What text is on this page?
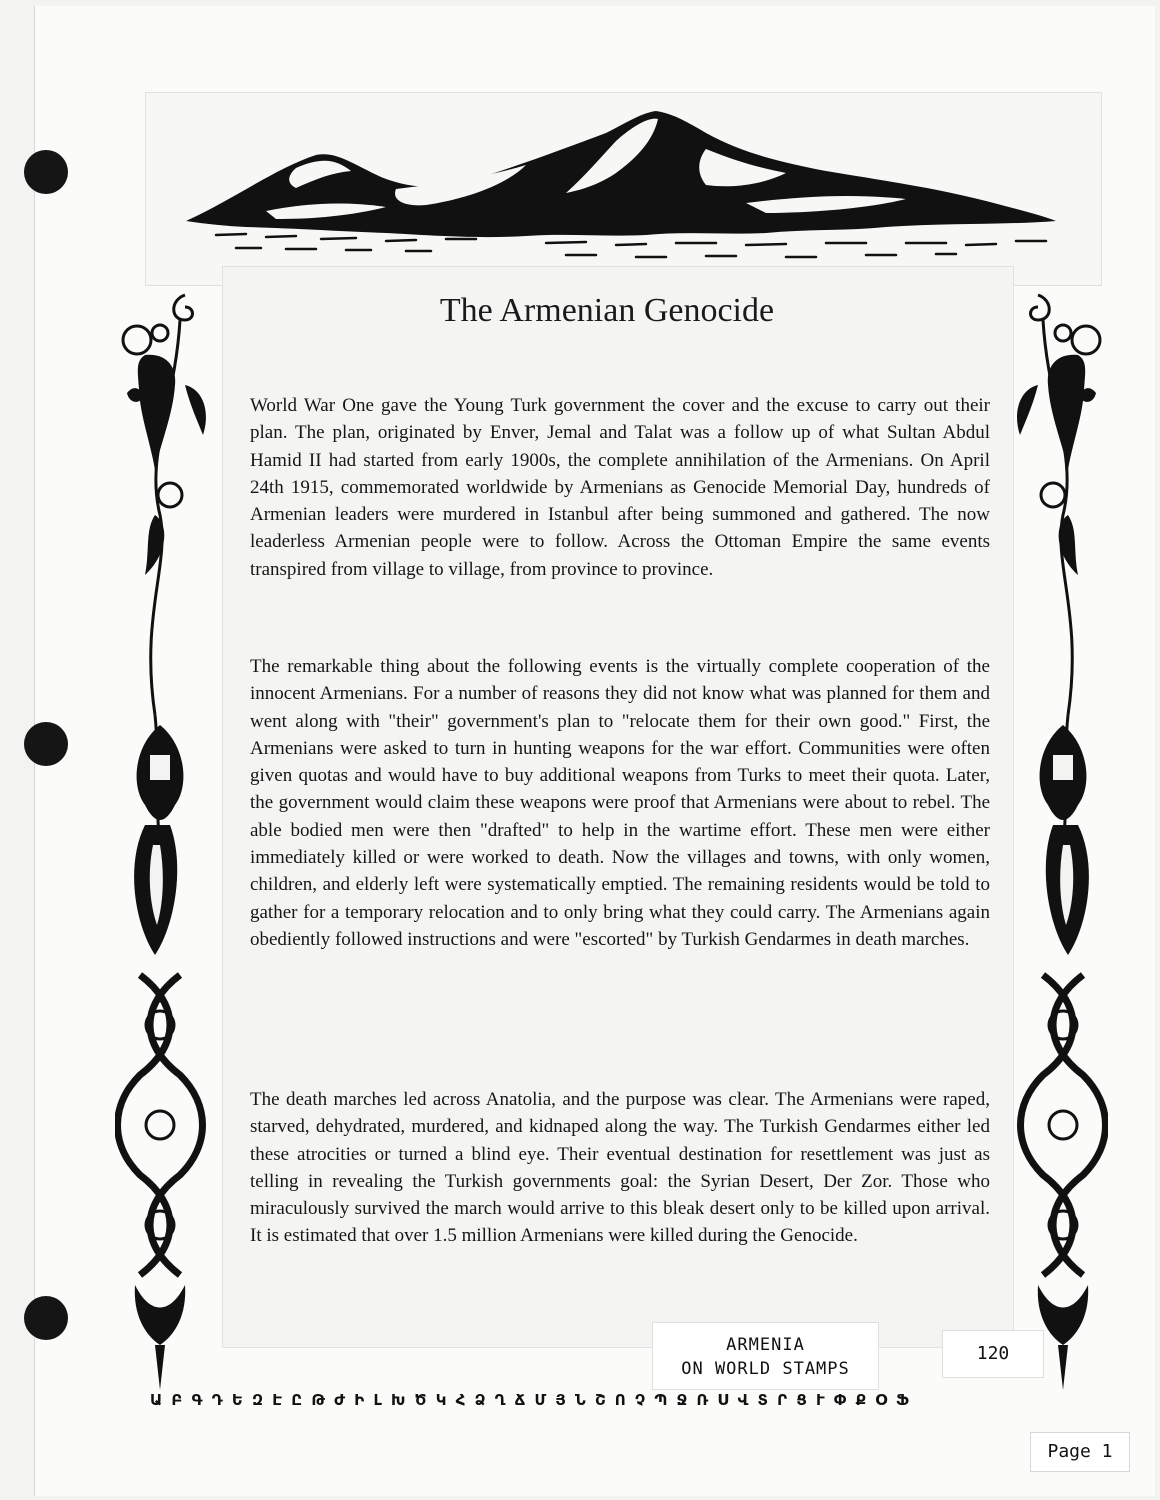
The Armenian Genocide

World War One gave the Young Turk government the cover and the excuse to carry out their plan. The plan, originated by Enver, Jemal and Talat was a follow up of what Sultan Abdul Hamid II had started from early 1900s, the complete annihilation of the Armenians. On April 24th 1915, commemorated worldwide by Armenians as Genocide Memorial Day, hundreds of Armenian leaders were murdered in Istanbul after being summoned and gathered. The now leaderless Armenian people were to follow. Across the Ottoman Empire the same events transpired from village to village, from province to province.

The remarkable thing about the following events is the virtually complete cooperation of the innocent Armenians. For a number of reasons they did not know what was planned for them and went along with "their" government's plan to "relocate them for their own good." First, the Armenians were asked to turn in hunting weapons for the war effort. Communities were often given quotas and would have to buy additional weapons from Turks to meet their quota. Later, the government would claim these weapons were proof that Armenians were about to rebel. The able bodied men were then "drafted" to help in the wartime effort. These men were either immediately killed or were worked to death. Now the villages and towns, with only women, children, and elderly left were systematically emptied. The remaining residents would be told to gather for a temporary relocation and to only bring what they could carry. The Armenians again obediently followed instructions and were "escorted" by Turkish Gendarmes in death marches.

The death marches led across Anatolia, and the purpose was clear. The Armenians were raped, starved, dehydrated, murdered, and kidnaped along the way. The Turkish Gendarmes either led these atrocities or turned a blind eye. Their eventual destination for resettlement was just as telling in revealing the Turkish governments goal: the Syrian Desert, Der Zor. Those who miraculously survived the march would arrive to this bleak desert only to be killed upon arrival. It is estimated that over 1.5 million Armenians were killed during the Genocide.

ARMENIA
ON WORLD STAMPS
120
Ա Բ Գ Դ Ե Զ Է Ը Թ Ժ Ի Լ Խ Ծ Կ Հ Ձ Ղ Ճ Մ Յ Ն Շ Ո Չ Պ Ջ Ռ Ս Վ Տ Ր Ց Ւ Փ Ք Օ Ֆ
Page 1
